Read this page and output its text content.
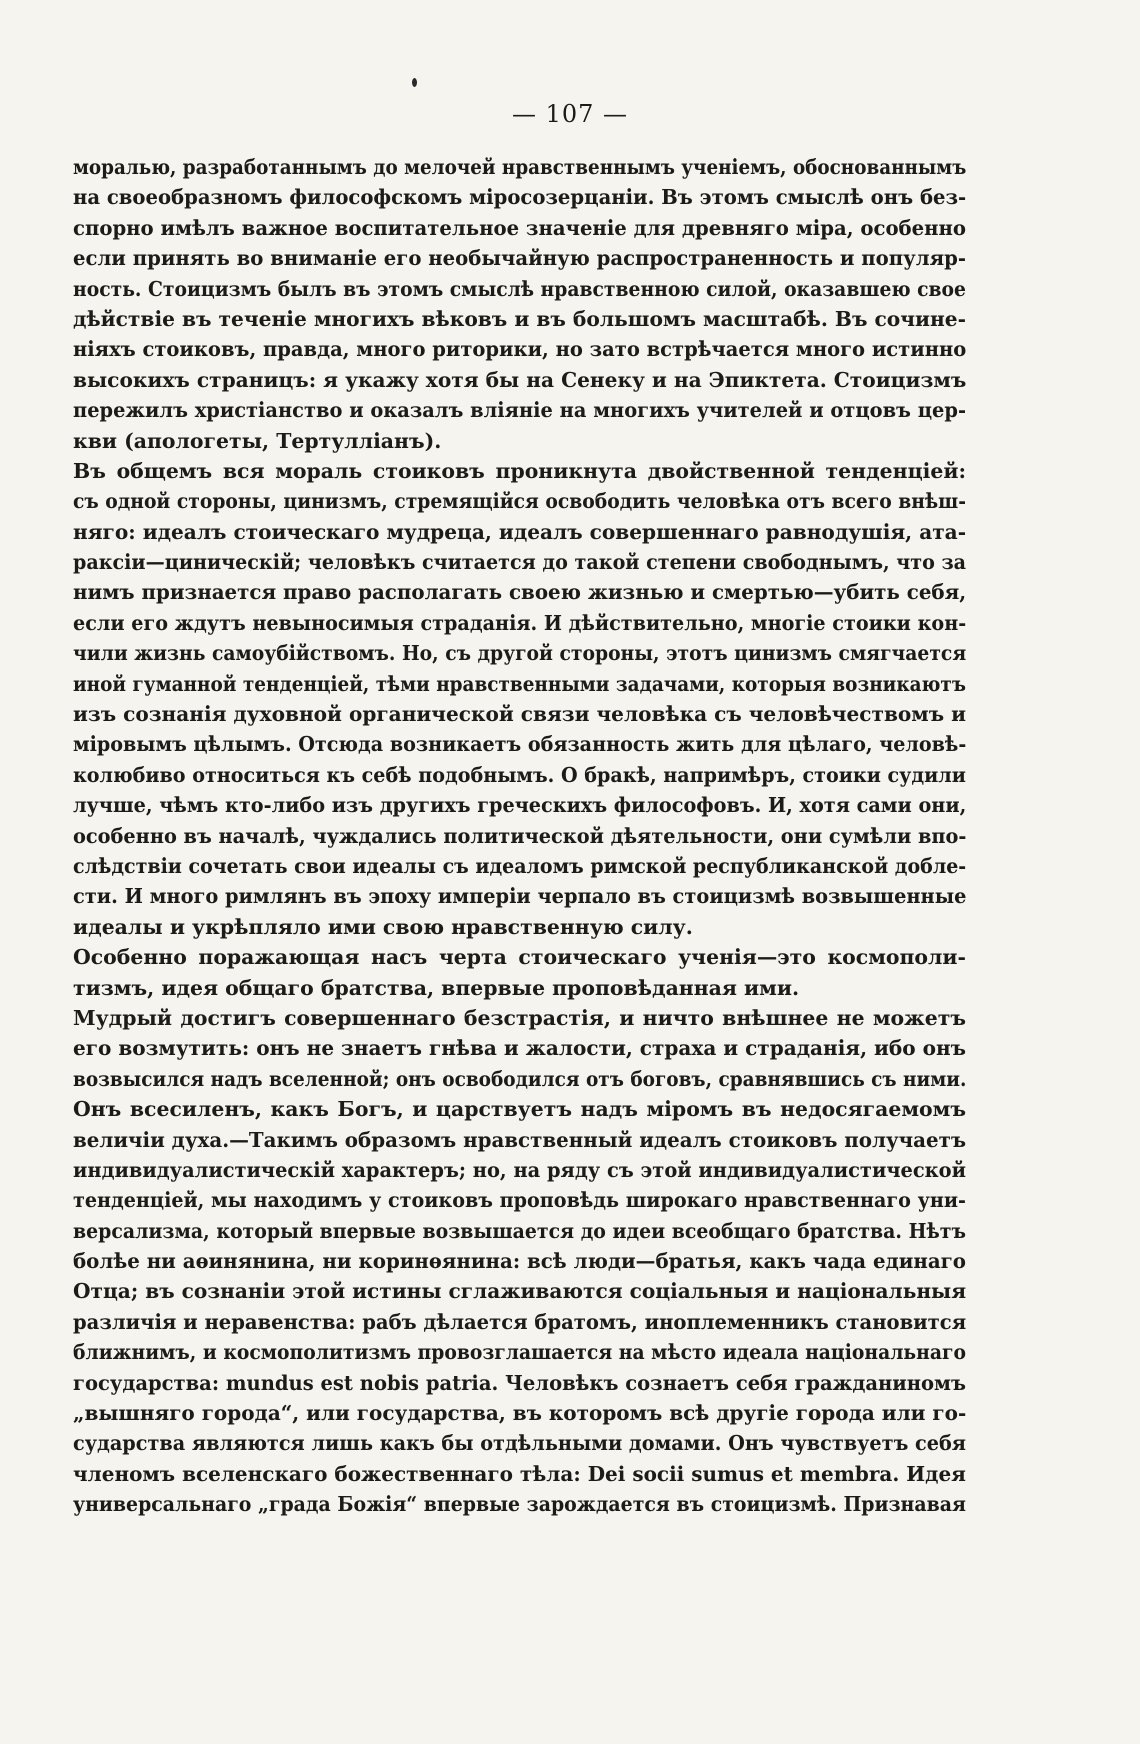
— 107 —
моралью, разработаннымъ до мелочей нравственнымъ ученіемъ, обоснованнымъ
на своеобразномъ философскомъ міросозерцаніи. Въ этомъ смыслѣ онъ без-
спорно имѣлъ важное воспитательное значеніе для древняго міра, особенно
если принять во вниманіе его необычайную распространенность и популяр-
ность. Стоицизмъ былъ въ этомъ смыслѣ нравственною силой, оказавшею свое
дѣйствіе въ теченіе многихъ вѣковъ и въ большомъ масштабѣ. Въ сочине-
ніяхъ стоиковъ, правда, много риторики, но зато встрѣчается много истинно
высокихъ страницъ: я укажу хотя бы на Сенеку и на Эпиктета. Стоицизмъ
пережилъ христіанство и оказалъ вліяніе на многихъ учителей и отцовъ цер-
кви (апологеты, Тертулліанъ).
Въ общемъ вся мораль стоиковъ проникнута двойственной тенденціей:
съ одной стороны, цинизмъ, стремящійся освободить человѣка отъ всего внѣш-
няго: идеалъ стоическаго мудреца, идеалъ совершеннаго равнодушія, ата-
раксіи—циническій; человѣкъ считается до такой степени свободнымъ, что за
нимъ признается право располагать своею жизнью и смертью—убить себя,
если его ждутъ невыносимыя страданія. И дѣйствительно, многіе стоики кон-
чили жизнь самоубійствомъ. Но, съ другой стороны, этотъ цинизмъ смягчается
иной гуманной тенденціей, тѣми нравственными задачами, которыя возникаютъ
изъ сознанія духовной органической связи человѣка съ человѣчествомъ и
міровымъ цѣлымъ. Отсюда возникаетъ обязанность жить для цѣлаго, человѣ-
колюбиво относиться къ себѣ подобнымъ. О бракѣ, напримѣръ, стоики судили
лучше, чѣмъ кто-либо изъ другихъ греческихъ философовъ. И, хотя сами они,
особенно въ началѣ, чуждались политической дѣятельности, они сумѣли впо-
слѣдствіи сочетать свои идеалы съ идеаломъ римской республиканской добле-
сти. И много римлянъ въ эпоху имперіи черпало въ стоицизмѣ возвышенные
идеалы и укрѣпляло ими свою нравственную силу.
Особенно поражающая насъ черта стоическаго ученія—это космополи-
тизмъ, идея общаго братства, впервые проповѣданная ими.
Мудрый достигъ совершеннаго безстрастія, и ничто внѣшнее не можетъ
его возмутить: онъ не знаетъ гнѣва и жалости, страха и страданія, ибо онъ
возвысился надъ вселенной; онъ освободился отъ боговъ, сравнявшись съ ними.
Онъ всесиленъ, какъ Богъ, и царствуетъ надъ міромъ въ недосягаемомъ
величіи духа.—Такимъ образомъ нравственный идеалъ стоиковъ получаетъ
индивидуалистическій характеръ; но, на ряду съ этой индивидуалистической
тенденціей, мы находимъ у стоиковъ проповѣдь широкаго нравственнаго уни-
версализма, который впервые возвышается до идеи всеобщаго братства. Нѣтъ
болѣе ни аѳинянина, ни коринѳянина: всѣ люди—братья, какъ чада единаго
Отца; въ сознаніи этой истины сглаживаются соціальныя и національныя
различія и неравенства: рабъ дѣлается братомъ, иноплеменникъ становится
ближнимъ, и космополитизмъ провозглашается на мѣсто идеала національнаго
государства: mundus est nobis patria. Человѣкъ сознаетъ себя гражданиномъ
„вышняго города“, или государства, въ которомъ всѣ другіе города или го-
сударства являются лишь какъ бы отдѣльными домами. Онъ чувствуетъ себя
членомъ вселенскаго божественнаго тѣла: Dei socii sumus et membra. Идея
универсальнаго „града Божія“ впервые зарождается въ стоицизмѣ. Признавая
